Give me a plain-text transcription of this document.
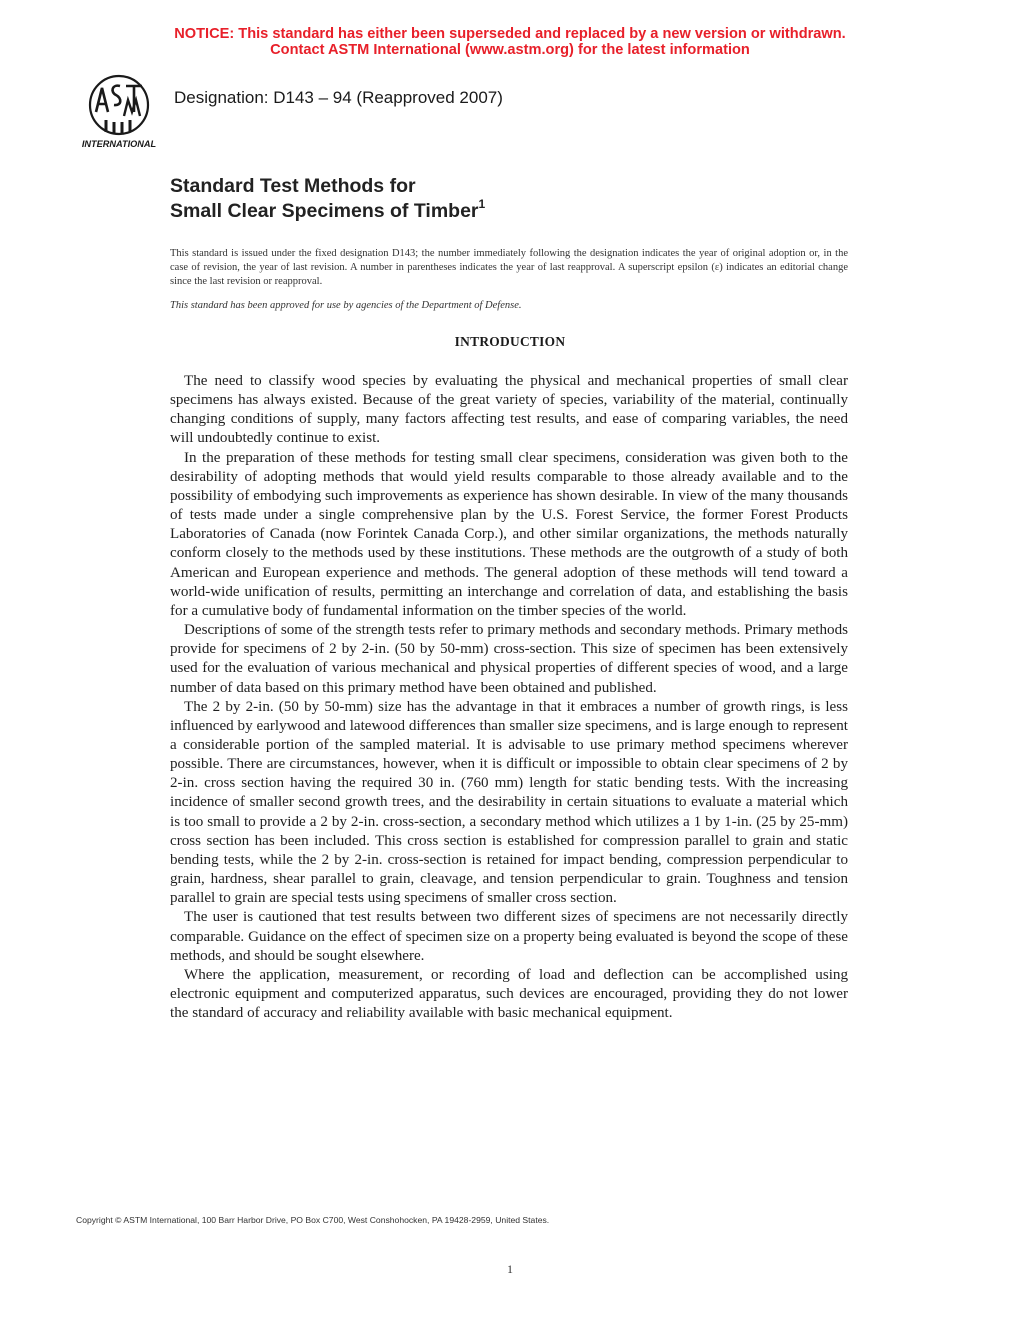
NOTICE: This standard has either been superseded and replaced by a new version or withdrawn.
Contact ASTM International (www.astm.org) for the latest information
INTERNATIONAL
Designation: D143 – 94 (Reapproved 2007)
Standard Test Methods for
Small Clear Specimens of Timber$^1$
This standard is issued under the fixed designation D143; the number immediately following the designation indicates the year of original adoption or, in the case of revision, the year of last revision. A number in parentheses indicates the year of last reapproval. A superscript epsilon (ε) indicates an editorial change since the last revision or reapproval.
This standard has been approved for use by agencies of the Department of Defense.
INTRODUCTION

The need to classify wood species by evaluating the physical and mechanical properties of small clear specimens has always existed. Because of the great variety of species, variability of the material, continually changing conditions of supply, many factors affecting test results, and ease of comparing variables, the need will undoubtedly continue to exist.

In the preparation of these methods for testing small clear specimens, consideration was given both to the desirability of adopting methods that would yield results comparable to those already available and to the possibility of embodying such improvements as experience has shown desirable. In view of the many thousands of tests made under a single comprehensive plan by the U.S. Forest Service, the former Forest Products Laboratories of Canada (now Forintek Canada Corp.), and other similar organizations, the methods naturally conform closely to the methods used by these institutions. These methods are the outgrowth of a study of both American and European experience and methods. The general adoption of these methods will tend toward a world-wide unification of results, permitting an interchange and correlation of data, and establishing the basis for a cumulative body of fundamental information on the timber species of the world.

Descriptions of some of the strength tests refer to primary methods and secondary methods. Primary methods provide for specimens of 2 by 2-in. (50 by 50-mm) cross-section. This size of specimen has been extensively used for the evaluation of various mechanical and physical properties of different species of wood, and a large number of data based on this primary method have been obtained and published.

The 2 by 2-in. (50 by 50-mm) size has the advantage in that it embraces a number of growth rings, is less influenced by earlywood and latewood differences than smaller size specimens, and is large enough to represent a considerable portion of the sampled material. It is advisable to use primary method specimens wherever possible. There are circumstances, however, when it is difficult or impossible to obtain clear specimens of 2 by 2-in. cross section having the required 30 in. (760 mm) length for static bending tests. With the increasing incidence of smaller second growth trees, and the desirability in certain situations to evaluate a material which is too small to provide a 2 by 2-in. cross-section, a secondary method which utilizes a 1 by 1-in. (25 by 25-mm) cross section has been included. This cross section is established for compression parallel to grain and static bending tests, while the 2 by 2-in. cross-section is retained for impact bending, compression perpendicular to grain, hardness, shear parallel to grain, cleavage, and tension perpendicular to grain. Toughness and tension parallel to grain are special tests using specimens of smaller cross section.

The user is cautioned that test results between two different sizes of specimens are not necessarily directly comparable. Guidance on the effect of specimen size on a property being evaluated is beyond the scope of these methods, and should be sought elsewhere.

Where the application, measurement, or recording of load and deflection can be accomplished using electronic equipment and computerized apparatus, such devices are encouraged, providing they do not lower the standard of accuracy and reliability available with basic mechanical equipment.

Copyright © ASTM International, 100 Barr Harbor Drive, PO Box C700, West Conshohocken, PA 19428-2959, United States.
1
